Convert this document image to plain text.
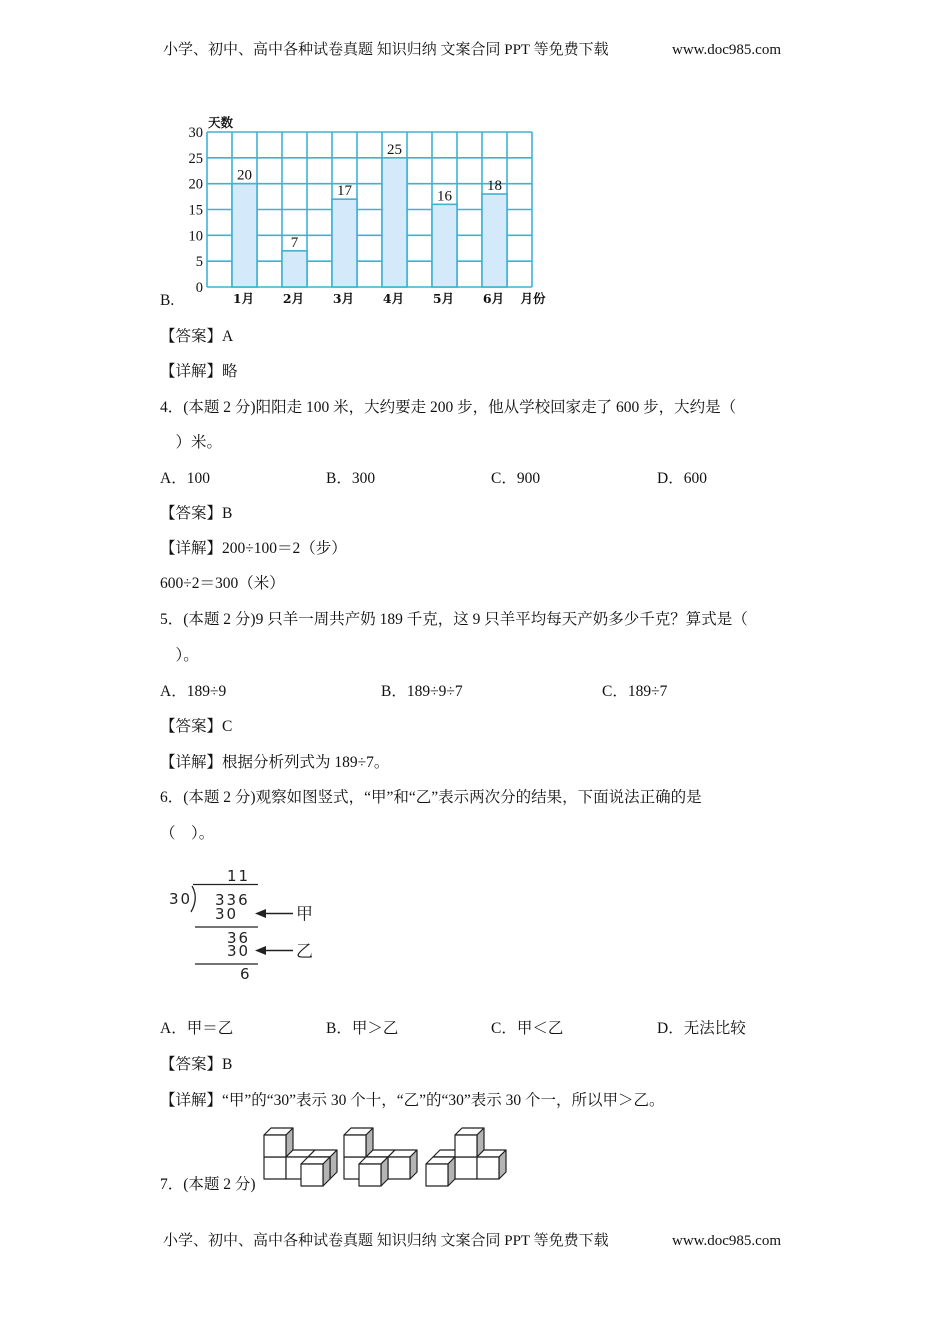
小学、初中、高中各种试卷真题 知识归纳 文案合同 PPT 等免费下载	www.doc985.com
20
1月
7
2月
17
3月
25
4月
16
5月
18
6月
0
5
10
15
20
25
30
天数
月份
B.
【答案】A
【详解】略
4．(本题 2 分)阳阳走 100 米，大约要走 200 步，他从学校回家走了 600 步，大约是（
　）米。
A．100	B．300	C．900	D．600
【答案】B
【详解】200÷100＝2（步）
600÷2＝300（米）
5．(本题 2 分)9 只羊一周共产奶 189 千克，这 9 只羊平均每天产奶多少千克？算式是（
　）。
A．189÷9	B．189÷9÷7	C．189÷7
【答案】C
【详解】根据分析列式为 189÷7。
6．(本题 2 分)观察如图竖式，“甲”和“乙”表示两次分的结果，下面说法正确的是
（　）。
11
30 336
30	甲
36
30	乙
6
A．甲＝乙	B．甲＞乙	C．甲＜乙	D．无法比较
【答案】B
【详解】“甲”的“30”表示 30 个十，“乙”的“30”表示 30 个一，所以甲＞乙。
7．(本题 2 分)
小学、初中、高中各种试卷真题 知识归纳 文案合同 PPT 等免费下载	www.doc985.com
